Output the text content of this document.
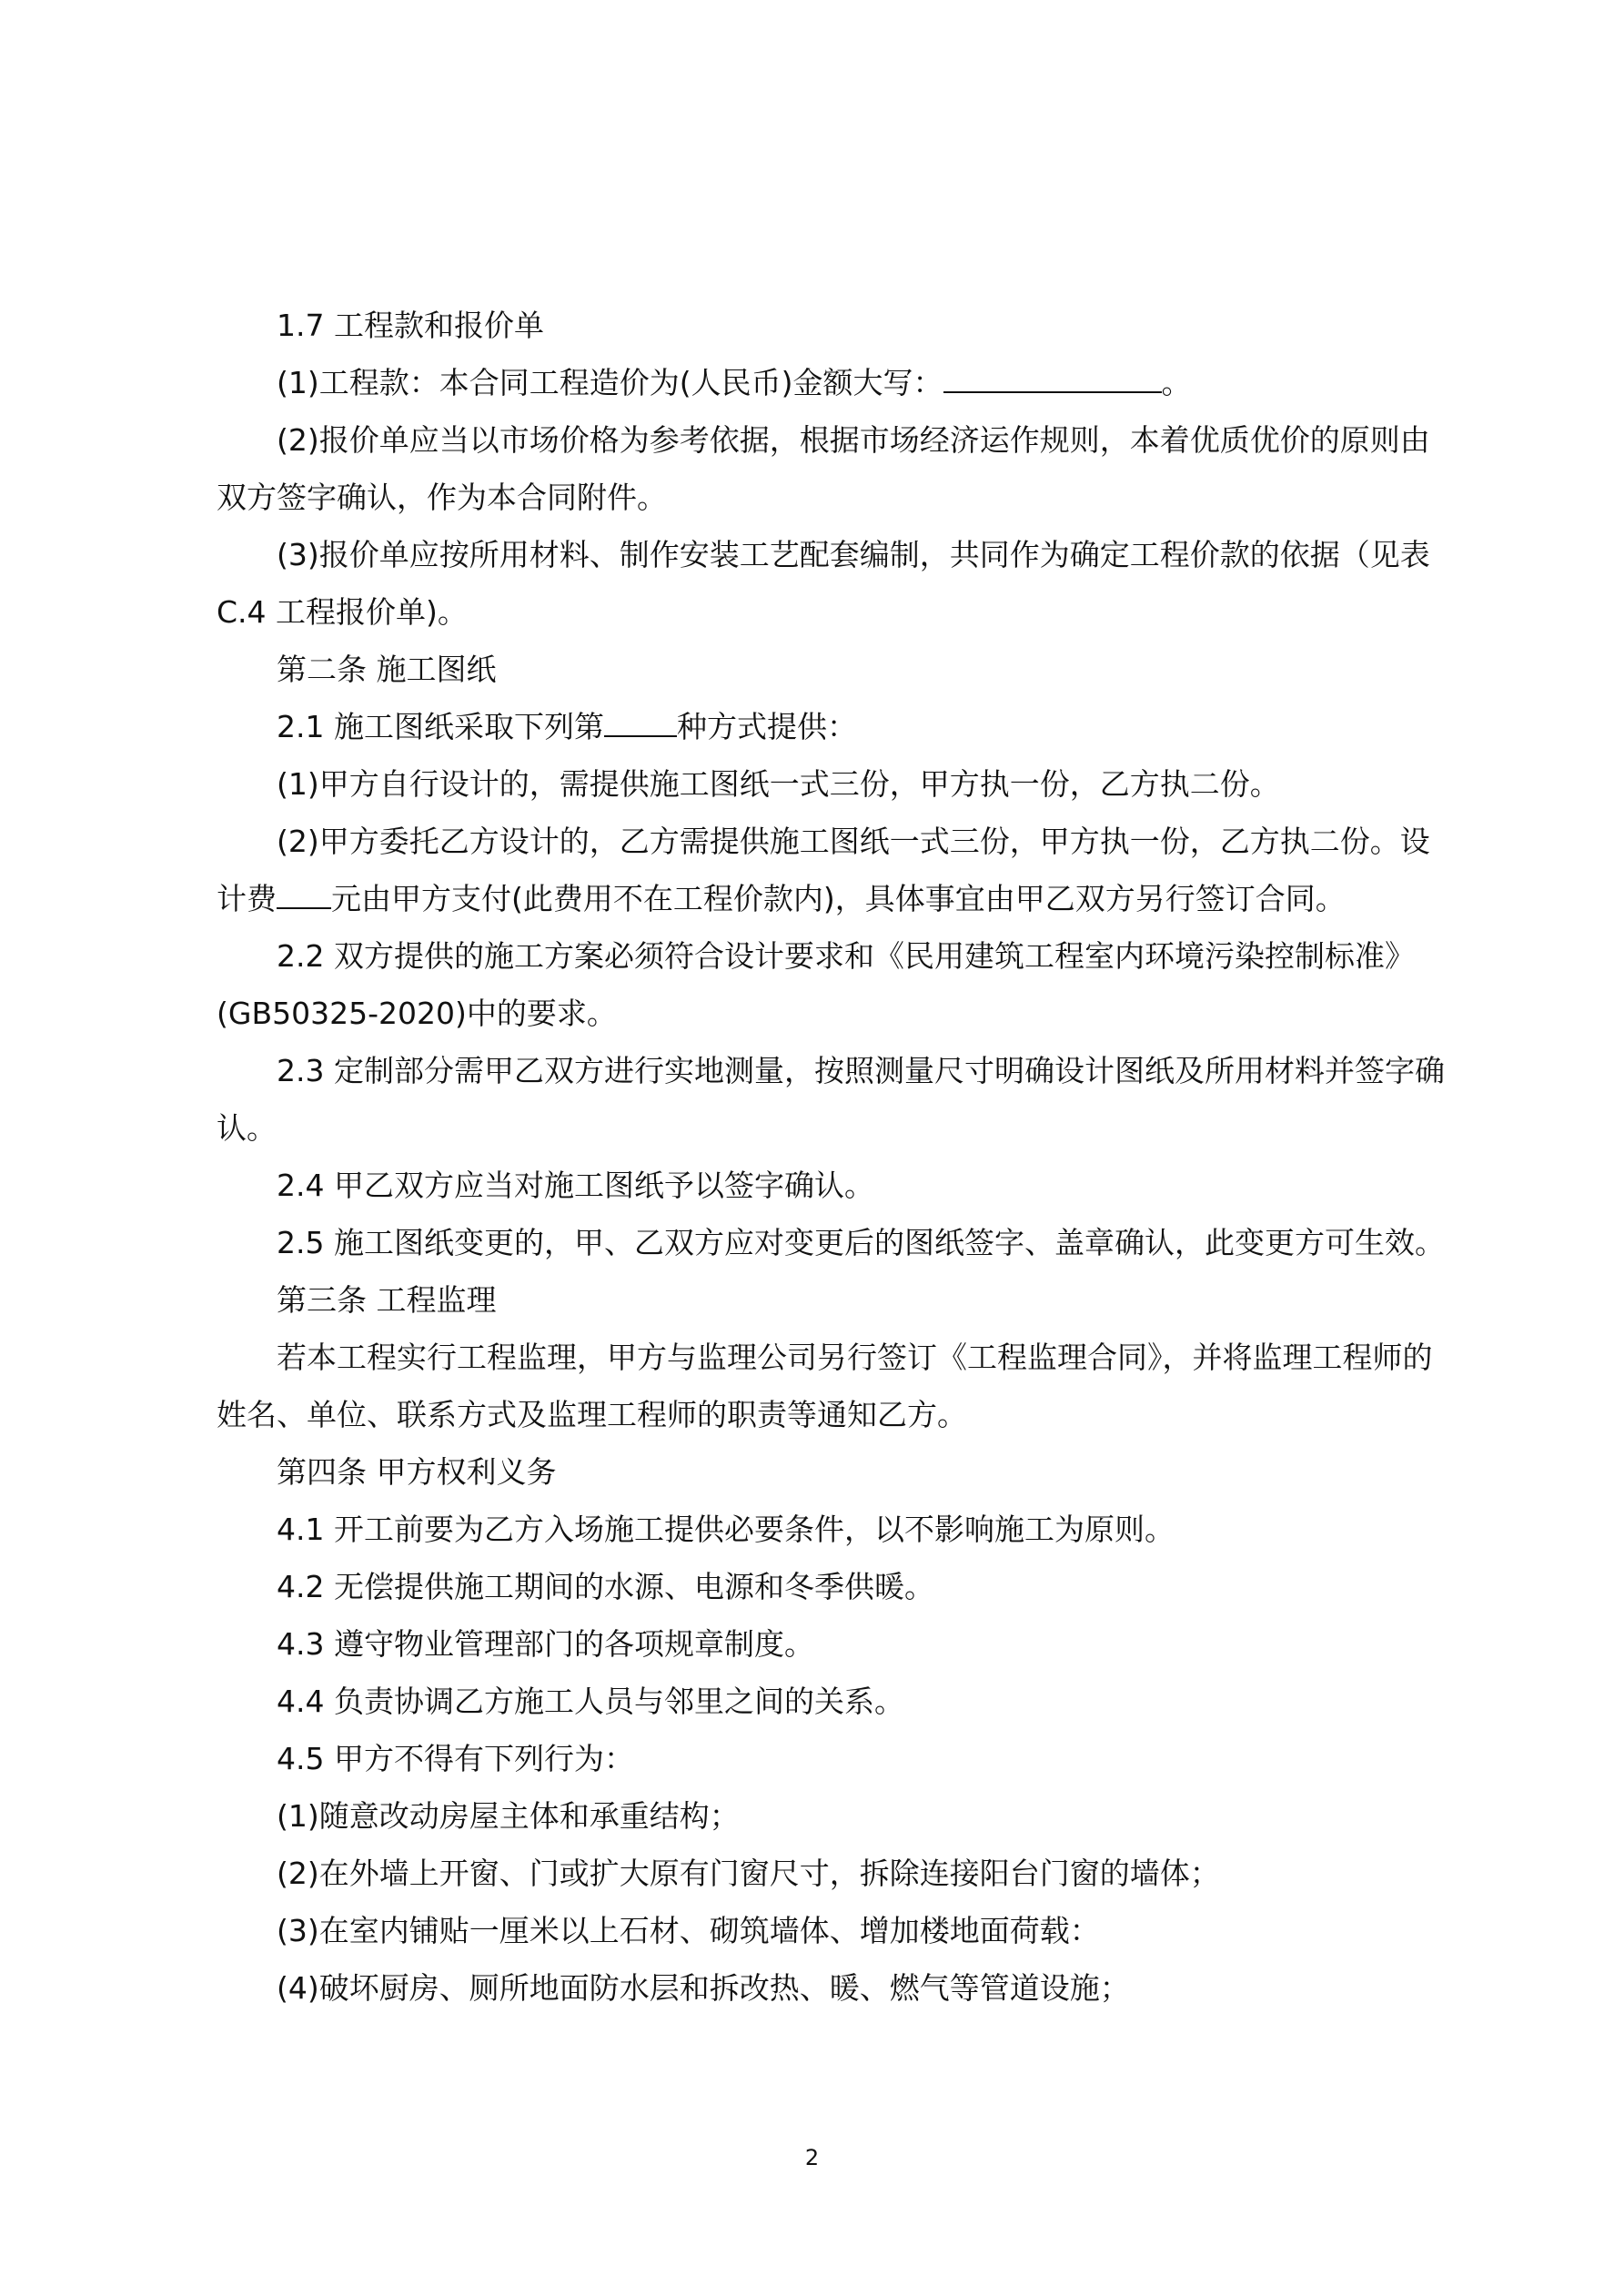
1.7 工程款和报价单
(1)工程款：本合同工程造价为(人民币)金额大写：	。
(2)报价单应当以市场价格为参考依据，根据市场经济运作规则，本着优质优价的原则由
双方签字确认，作为本合同附件。
(3)报价单应按所用材料、制作安装工艺配套编制，共同作为确定工程价款的依据（见表
C.4 工程报价单)。
第二条 施工图纸
2.1 施工图纸采取下列第 种方式提供：
(1)甲方自行设计的，需提供施工图纸一式三份，甲方执一份，乙方执二份。
(2)甲方委托乙方设计的，乙方需提供施工图纸一式三份，甲方执一份，乙方执二份。设
计费 元由甲方支付(此费用不在工程价款内)，具体事宜由甲乙双方另行签订合同。
2.2 双方提供的施工方案必须符合设计要求和《民用建筑工程室内环境污染控制标准》
(GB50325-2020)中的要求。
2.3 定制部分需甲乙双方进行实地测量，按照测量尺寸明确设计图纸及所用材料并签字确
认。
2.4 甲乙双方应当对施工图纸予以签字确认。
2.5 施工图纸变更的，甲、乙双方应对变更后的图纸签字、盖章确认，此变更方可生效。
第三条 工程监理
若本工程实行工程监理，甲方与监理公司另行签订《工程监理合同》，并将监理工程师的
姓名、单位、联系方式及监理工程师的职责等通知乙方。
第四条 甲方权利义务
4.1 开工前要为乙方入场施工提供必要条件，以不影响施工为原则。
4.2 无偿提供施工期间的水源、电源和冬季供暖。
4.3 遵守物业管理部门的各项规章制度。
4.4 负责协调乙方施工人员与邻里之间的关系。
4.5 甲方不得有下列行为：
(1)随意改动房屋主体和承重结构；
(2)在外墙上开窗、门或扩大原有门窗尺寸，拆除连接阳台门窗的墙体；
(3)在室内铺贴一厘米以上石材、砌筑墙体、增加楼地面荷载：
(4)破坏厨房、厕所地面防水层和拆改热、暖、燃气等管道设施；
2
